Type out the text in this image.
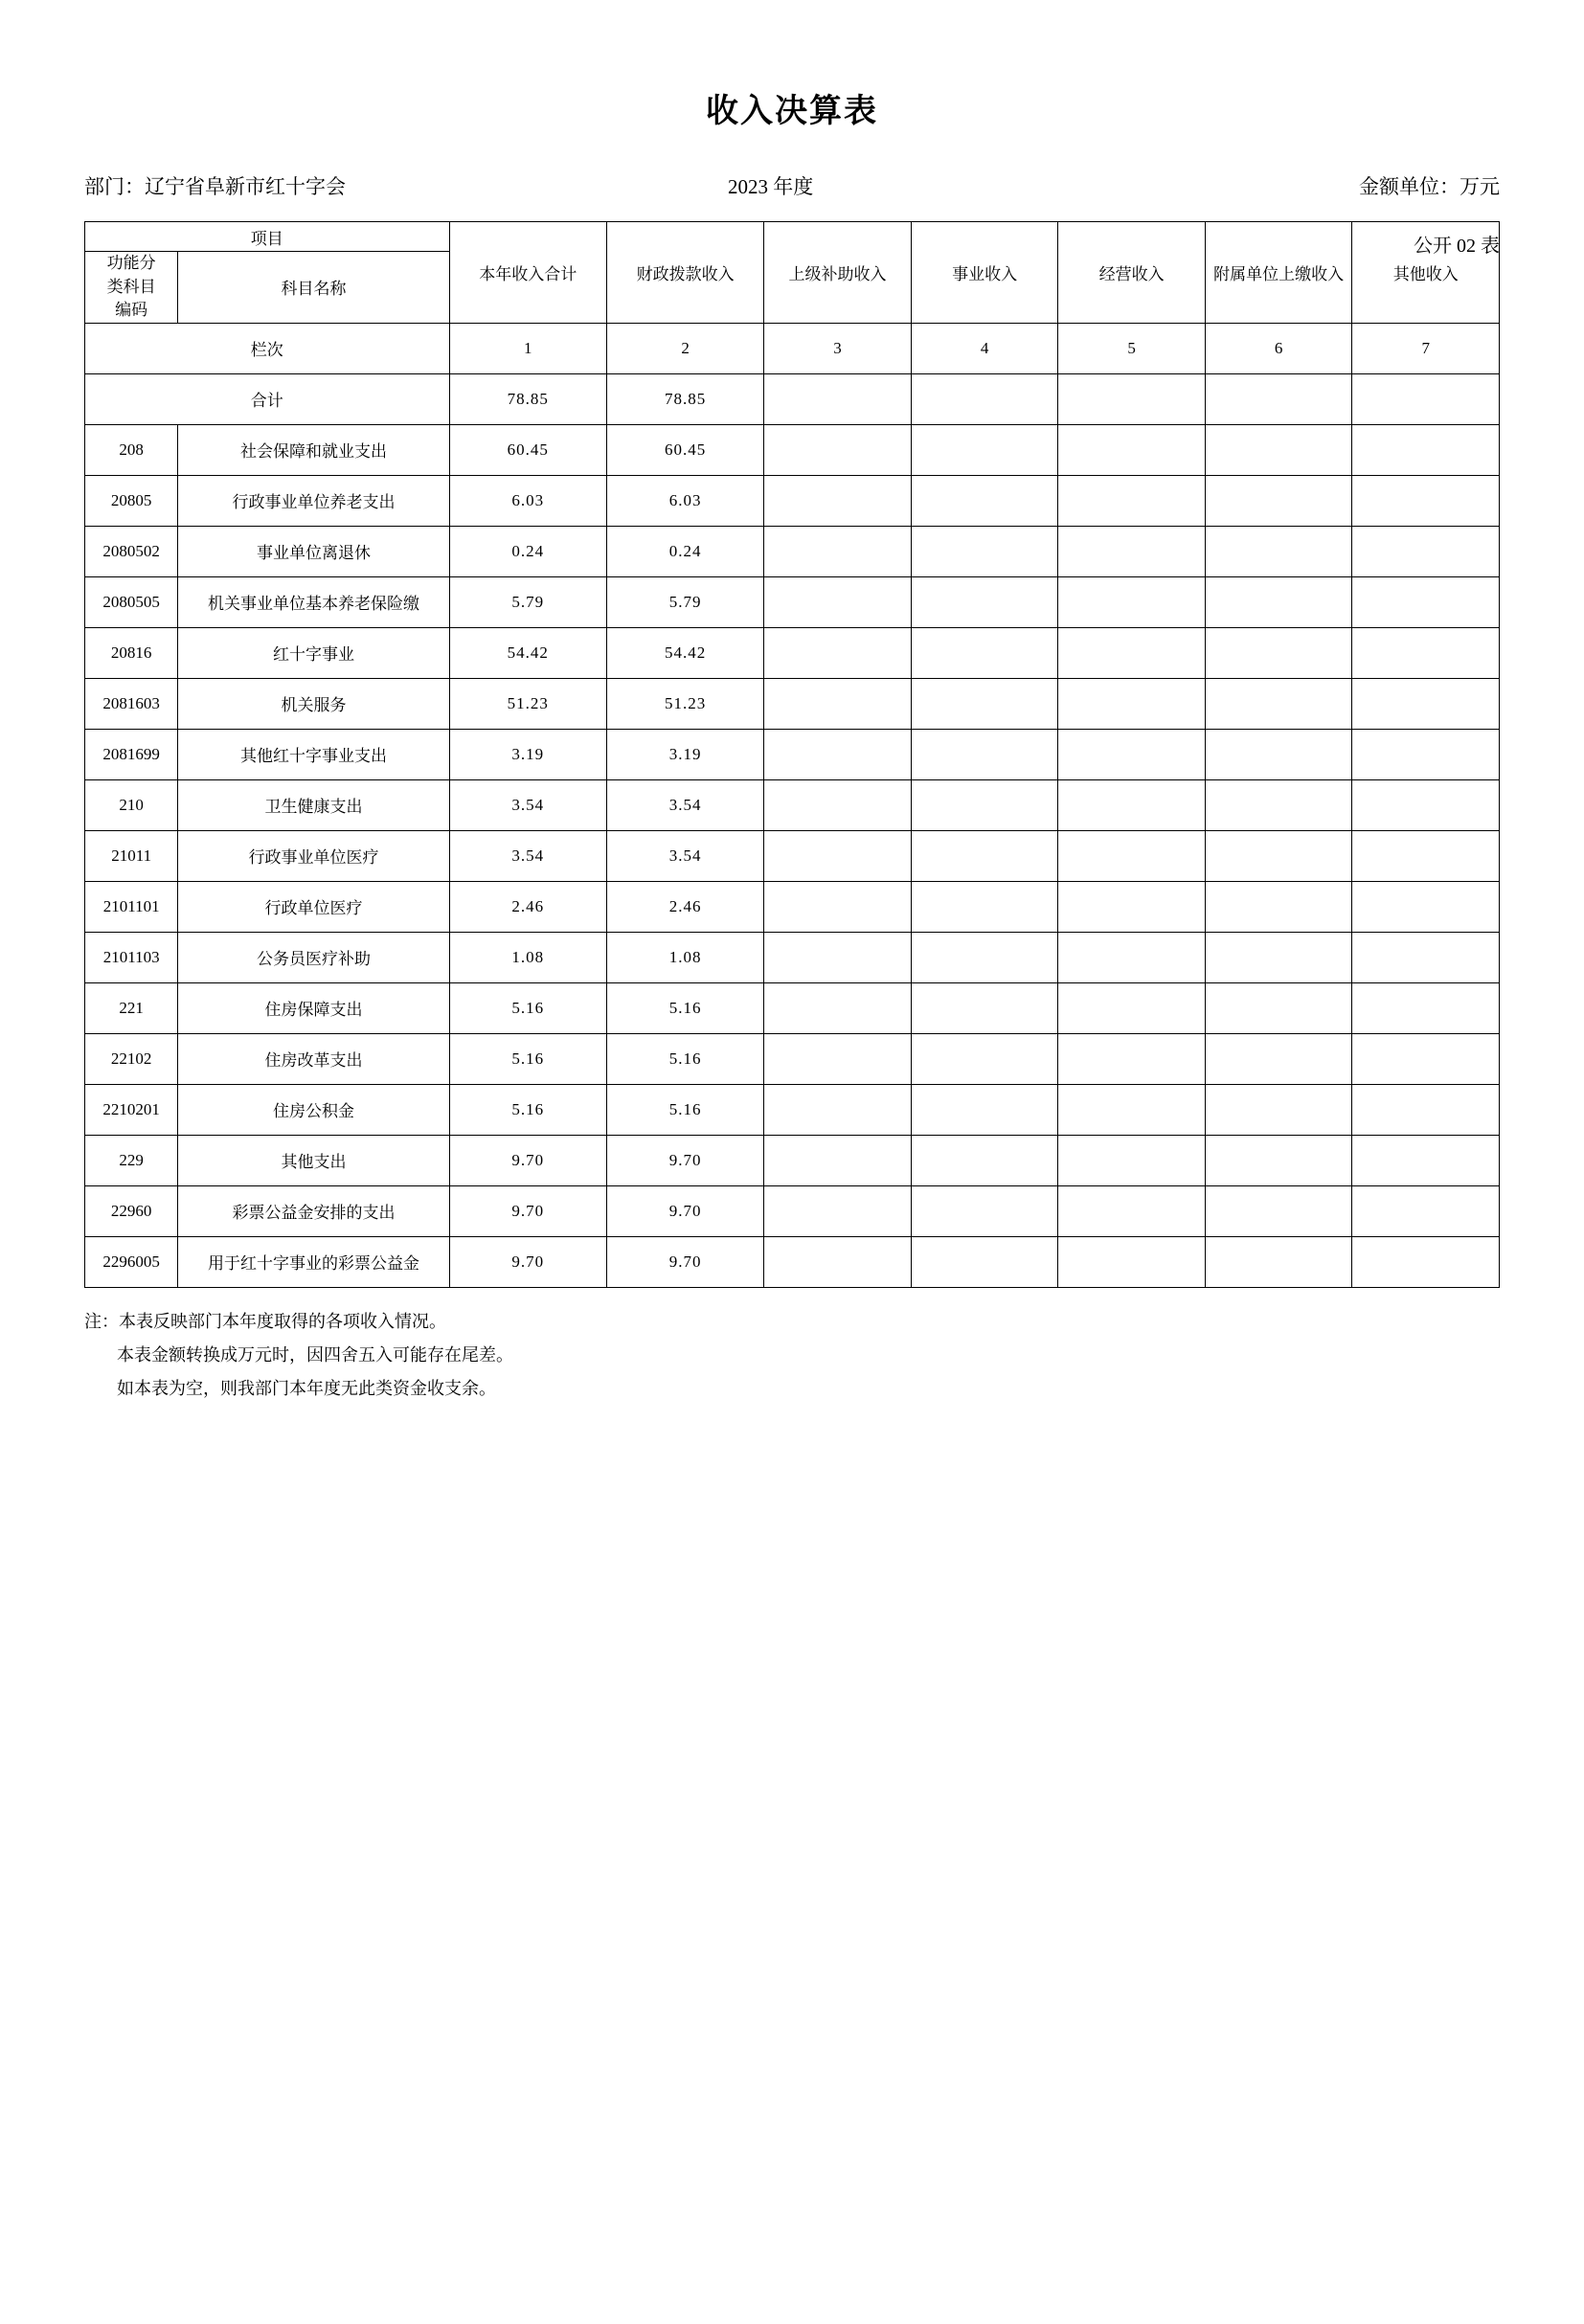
收入决算表
公开 02 表
部门：辽宁省阜新市红十字会	2023 年度	金额单位：万元
项目		本年收入合计	财政拨款收入	上级补助收入	事业收入	经营收入	附属单位上缴收入	其他收入

功能分
类科目
编码	科目名称							
栏次		1	2	3	4	5	6	7
合计		78.85	78.85					
208	社会保障和就业支出	60.45	60.45					
20805	行政事业单位养老支出	6.03	6.03					
2080502	事业单位离退休	0.24	0.24					
2080505	机关事业单位基本养老保险缴	5.79	5.79					
20816	红十字事业	54.42	54.42					
2081603	机关服务	51.23	51.23					
2081699	其他红十字事业支出	3.19	3.19					
210	卫生健康支出	3.54	3.54					
21011	行政事业单位医疗	3.54	3.54					
2101101	行政单位医疗	2.46	2.46					
2101103	公务员医疗补助	1.08	1.08					
221	住房保障支出	5.16	5.16					
22102	住房改革支出	5.16	5.16					
2210201	住房公积金	5.16	5.16					
229	其他支出	9.70	9.70					
22960	彩票公益金安排的支出	9.70	9.70					
2296005	用于红十字事业的彩票公益金	9.70	9.70					
注：本表反映部门本年度取得的各项收入情况。
本表金额转换成万元时，因四舍五入可能存在尾差。
如本表为空，则我部门本年度无此类资金收支余。
